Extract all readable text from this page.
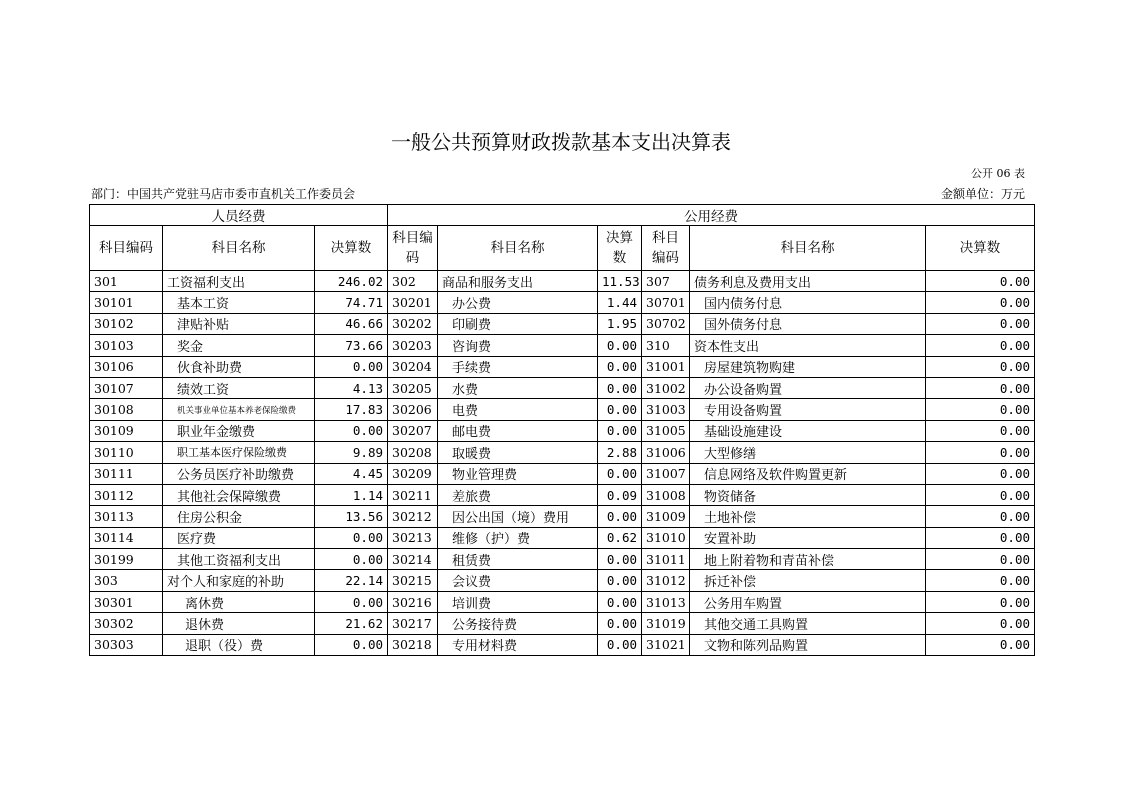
一般公共预算财政拨款基本支出决算表
公开 06 表
部门：中国共产党驻马店市委市直机关工作委员会	金额单位：万元
人员经费			公用经费					
科目编码	科目名称	决算数	科目编码	科目名称	决算数	科目编码	科目名称	决算数
301	工资福利支出	246.02	302	商品和服务支出	11.53	307	债务利息及费用支出	0.00
30101	基本工资	74.71	30201	办公费	1.44	30701	国内债务付息	0.00
30102	津贴补贴	46.66	30202	印刷费	1.95	30702	国外债务付息	0.00
30103	奖金	73.66	30203	咨询费	0.00	310	资本性支出	0.00
30106	伙食补助费	0.00	30204	手续费	0.00	31001	房屋建筑物购建	0.00
30107	绩效工资	4.13	30205	水费	0.00	31002	办公设备购置	0.00
30108	机关事业单位基本养老保险缴费	17.83	30206	电费	0.00	31003	专用设备购置	0.00
30109	职业年金缴费	0.00	30207	邮电费	0.00	31005	基础设施建设	0.00
30110	职工基本医疗保险缴费	9.89	30208	取暖费	2.88	31006	大型修缮	0.00
30111	公务员医疗补助缴费	4.45	30209	物业管理费	0.00	31007	信息网络及软件购置更新	0.00
30112	其他社会保障缴费	1.14	30211	差旅费	0.09	31008	物资储备	0.00
30113	住房公积金	13.56	30212	因公出国（境）费用	0.00	31009	土地补偿	0.00
30114	医疗费	0.00	30213	维修（护）费	0.62	31010	安置补助	0.00
30199	其他工资福利支出	0.00	30214	租赁费	0.00	31011	地上附着物和青苗补偿	0.00
303	对个人和家庭的补助	22.14	30215	会议费	0.00	31012	拆迁补偿	0.00
30301	离休费	0.00	30216	培训费	0.00	31013	公务用车购置	0.00
30302	退休费	21.62	30217	公务接待费	0.00	31019	其他交通工具购置	0.00
30303	退职（役）费	0.00	30218	专用材料费	0.00	31021	文物和陈列品购置	0.00
